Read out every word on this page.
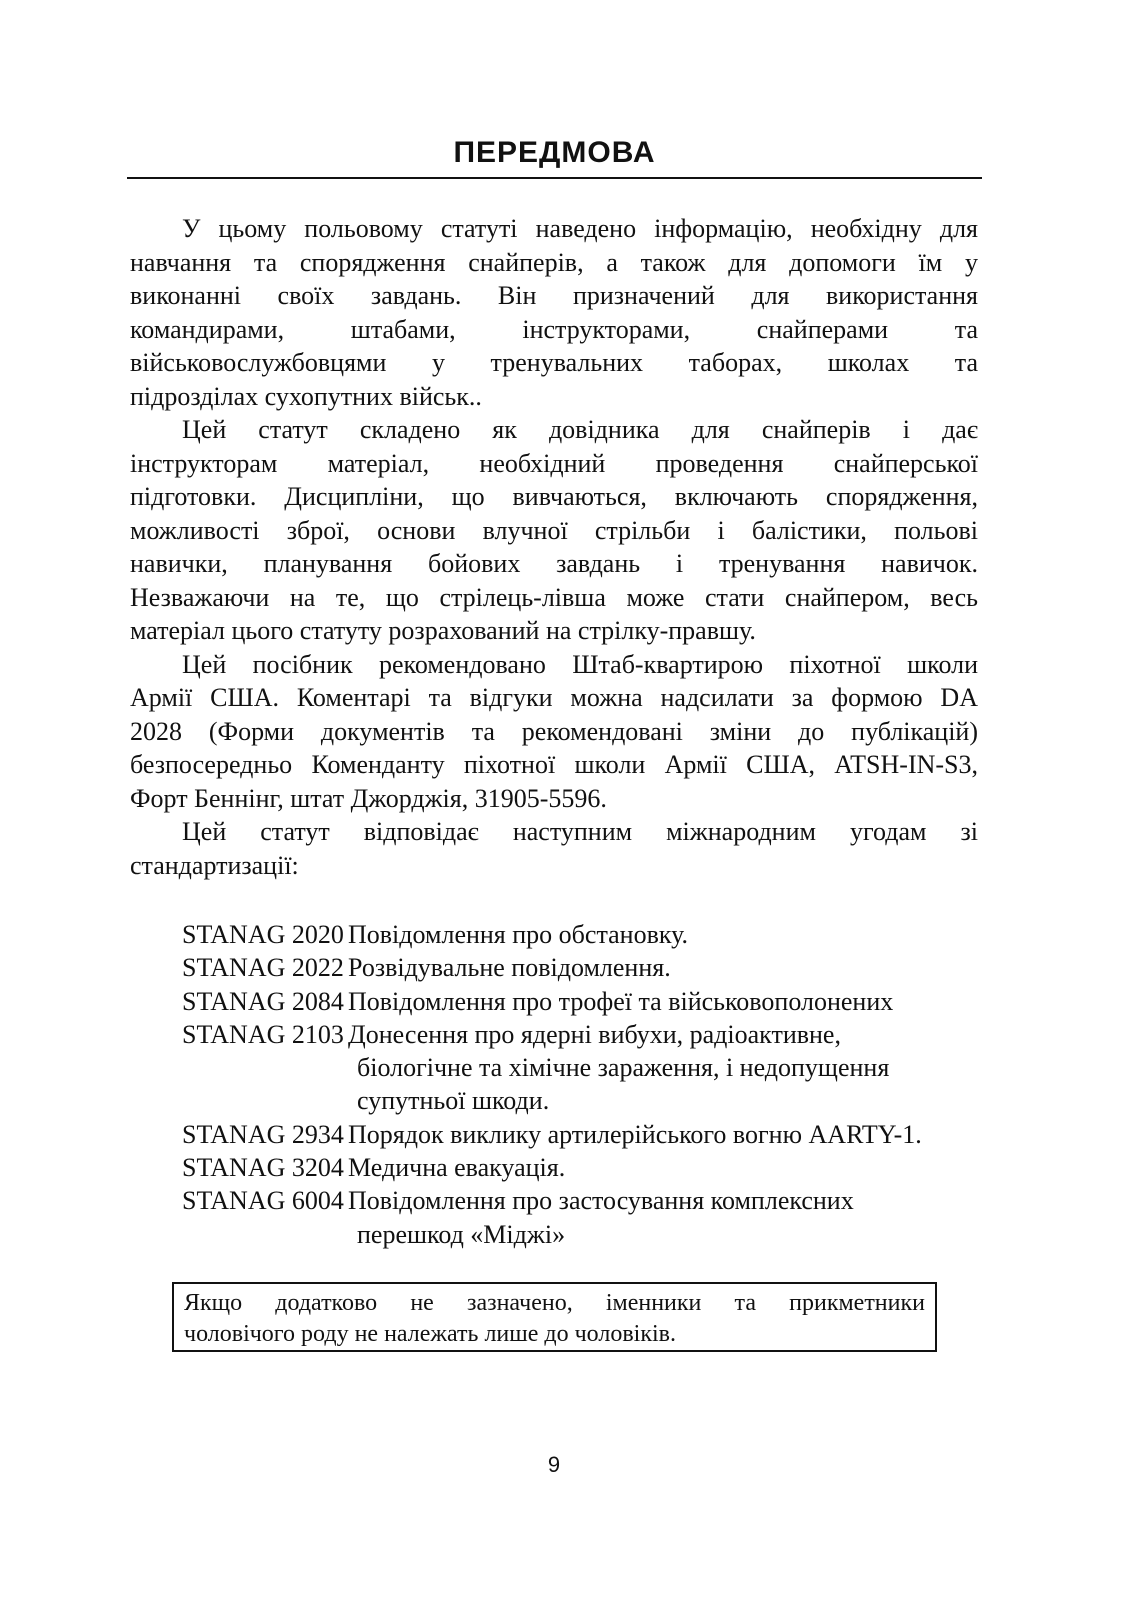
ПЕРЕДМОВА
У цьому польовому статуті наведено інформацію, необхідну для
навчання та спорядження снайперів, а також для допомоги їм у
виконанні своїх завдань. Він призначений для використання
командирами, штабами, інструкторами, снайперами та
військовослужбовцями у тренувальних таборах, школах та
підрозділах сухопутних військ..
Цей статут складено як довідника для снайперів і дає
інструкторам матеріал, необхідний проведення снайперської
підготовки. Дисципліни, що вивчаються, включають спорядження,
можливості зброї, основи влучної стрільби і балістики, польові
навички, планування бойових завдань і тренування навичок.
Незважаючи на те, що стрілець-лівша може стати снайпером, весь
матеріал цього статуту розрахований на стрілку-правшу.
Цей посібник рекомендовано Штаб-квартирою піхотної школи
Армії США. Коментарі та відгуки можна надсилати за формою DA
2028 (Форми документів та рекомендовані зміни до публікацій)
безпосередньо Коменданту піхотної школи Армії США, ATSH-IN-S3,
Форт Беннінг, штат Джорджія, 31905-5596.
Цей статут відповідає наступним міжнародним угодам зі
стандартизації:
STANAG 2020 Повідомлення про обстановку.
STANAG 2022 Розвідувальне повідомлення.
STANAG 2084 Повідомлення про трофеї та військовополонених
STANAG 2103 Донесення про ядерні вибухи, радіоактивне,
біологічне та хімічне зараження, і недопущення
супутньої шкоди.
STANAG 2934 Порядок виклику артилерійського вогню AARTY-1.
STANAG 3204 Медична евакуація.
STANAG 6004 Повідомлення про застосування комплексних
перешкод «Міджі»
Якщо додатково не зазначено, іменники та прикметники
чоловічого роду не належать лише до чоловіків.
9
